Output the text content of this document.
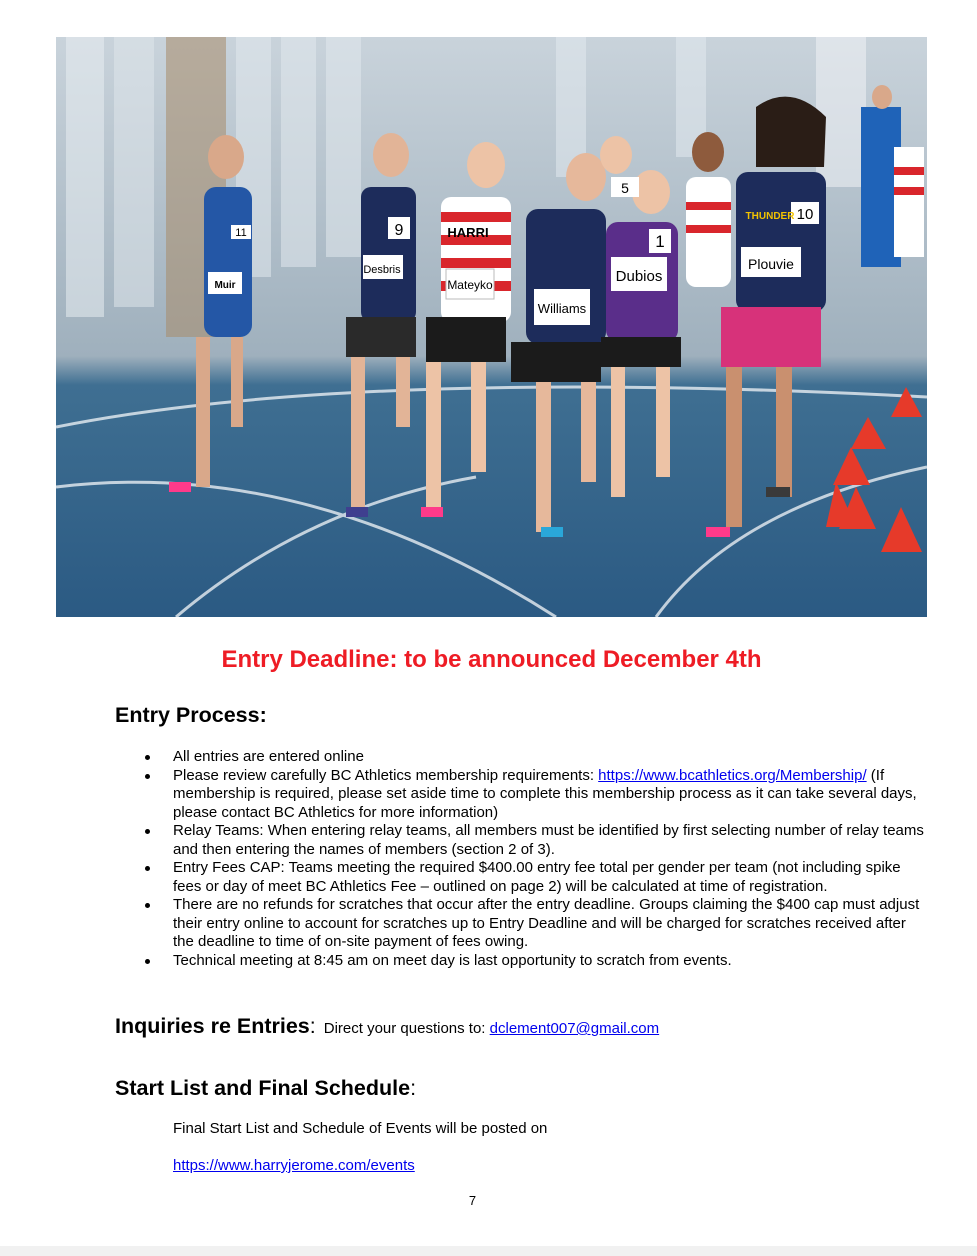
Muir
11
Desbris
9
Mateyko
HARRI
Williams
Dubios
1
Plouvie
10
THUNDER
5
Entry Deadline: to be announced December 4th
Entry Process:
All entries are entered online
Please review carefully BC Athletics membership requirements: https://www.bcathletics.org/Membership/ (If membership is required, please set aside time to complete this membership process as it can take several days, please contact BC Athletics for more information)
Relay Teams: When entering relay teams, all members must be identified by first selecting number of relay teams and then entering the names of members (section 2 of 3).
Entry Fees CAP: Teams meeting the required $400.00 entry fee total per gender per team (not including spike fees or day of meet BC Athletics Fee – outlined on page 2) will be calculated at time of registration.
There are no refunds for scratches that occur after the entry deadline. Groups claiming the $400 cap must adjust their entry online to account for scratches up to Entry Deadline and will be charged for scratches received after the deadline to time of on-site payment of fees owing.
Technical meeting at 8:45 am on meet day is last opportunity to scratch from events.
Inquiries re Entries: Direct your questions to: dclement007@gmail.com
Start List and Final Schedule:
Final Start List and Schedule of Events will be posted on
https://www.harryjerome.com/events
7
